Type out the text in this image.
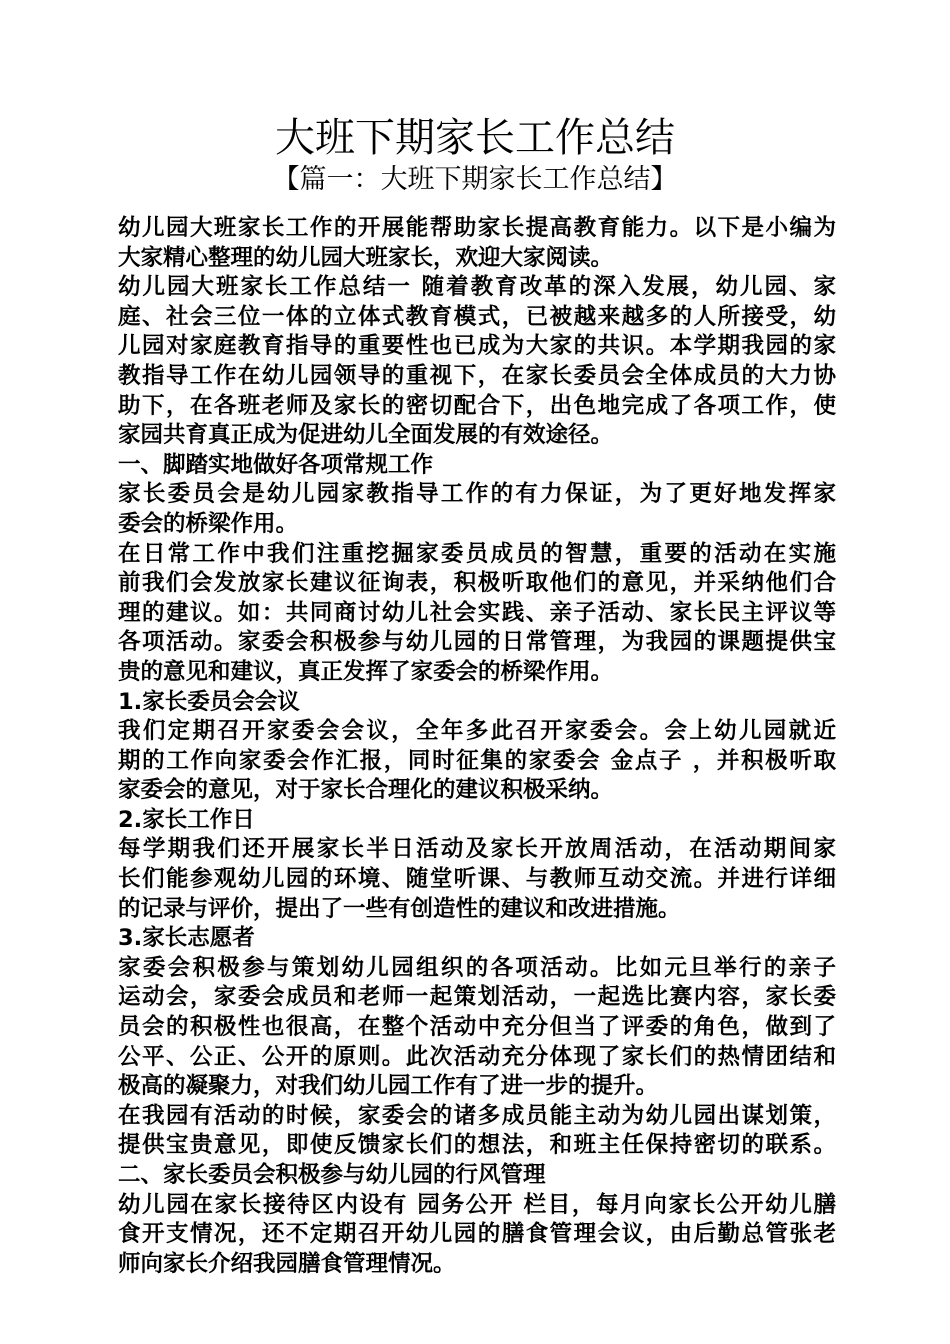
大班下期家长工作总结
【篇一：大班下期家长工作总结】
幼儿园大班家长工作的开展能帮助家长提高教育能力。以下是小编为
大家精心整理的幼儿园大班家长，欢迎大家阅读。
幼儿园大班家长工作总结一 随着教育改革的深入发展，幼儿园、家
庭、社会三位一体的立体式教育模式，已被越来越多的人所接受，幼
儿园对家庭教育指导的重要性也已成为大家的共识。本学期我园的家
教指导工作在幼儿园领导的重视下，在家长委员会全体成员的大力协
助下，在各班老师及家长的密切配合下，出色地完成了各项工作，使
家园共育真正成为促进幼儿全面发展的有效途径。
一、脚踏实地做好各项常规工作
家长委员会是幼儿园家教指导工作的有力保证，为了更好地发挥家
委会的桥梁作用。
在日常工作中我们注重挖掘家委员成员的智慧，重要的活动在实施
前我们会发放家长建议征询表，积极听取他们的意见，并采纳他们合
理的建议。如：共同商讨幼儿社会实践、亲子活动、家长民主评议等
各项活动。家委会积极参与幼儿园的日常管理，为我园的课题提供宝
贵的意见和建议，真正发挥了家委会的桥梁作用。
1.家长委员会会议
我们定期召开家委会会议，全年多此召开家委会。会上幼儿园就近
期的工作向家委会作汇报，同时征集的家委会 金点子 ，并积极听取
家委会的意见，对于家长合理化的建议积极采纳。
2.家长工作日
每学期我们还开展家长半日活动及家长开放周活动，在活动期间家
长们能参观幼儿园的环境、随堂听课、与教师互动交流。并进行详细
的记录与评价，提出了一些有创造性的建议和改进措施。
3.家长志愿者
家委会积极参与策划幼儿园组织的各项活动。比如元旦举行的亲子
运动会，家委会成员和老师一起策划活动，一起选比赛内容，家长委
员会的积极性也很高，在整个活动中充分但当了评委的角色，做到了
公平、公正、公开的原则。此次活动充分体现了家长们的热情团结和
极高的凝聚力，对我们幼儿园工作有了进一步的提升。
在我园有活动的时候，家委会的诸多成员能主动为幼儿园出谋划策，
提供宝贵意见，即使反馈家长们的想法，和班主任保持密切的联系。
二、家长委员会积极参与幼儿园的行风管理
幼儿园在家长接待区内设有 园务公开 栏目，每月向家长公开幼儿膳
食开支情况，还不定期召开幼儿园的膳食管理会议，由后勤总管张老
师向家长介绍我园膳食管理情况。
